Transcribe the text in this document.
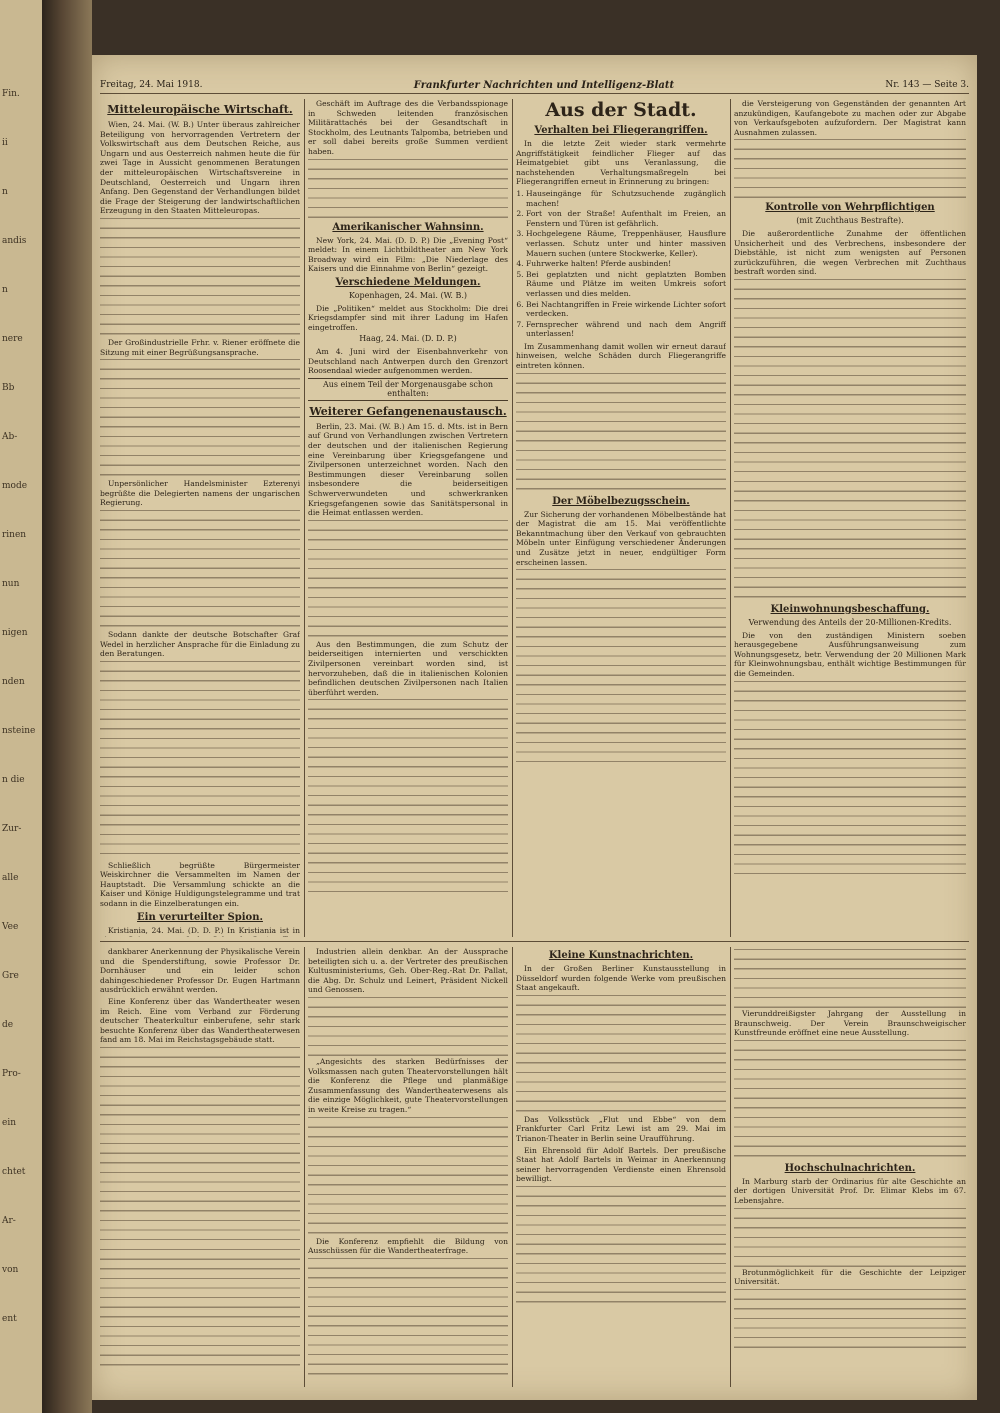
Fin.
ii
n
andis
n
nere
Bb
Ab-
mode
rinen
nun
nigen
nden
nsteine
n die
Zur-
alle
Vee
Gre
de
Pro-
ein
chtet
Ar-
von
ent
Freitag, 24. Mai 1918.	Frankfurter Nachrichten und Intelligenz-Blatt	Nr. 143 — Seite 3.
Mitteleuropäische Wirtschaft.

Wien, 24. Mai. (W. B.) Unter überaus zahlreicher Beteiligung von hervorragenden Vertretern der Volkswirtschaft aus dem Deutschen Reiche, aus Ungarn und aus Oesterreich nahmen heute die für zwei Tage in Aussicht genommenen Beratungen der mitteleuropäischen Wirtschaftsvereine in Deutschland, Oesterreich und Ungarn ihren Anfang. Den Gegenstand der Verhandlungen bildet die Frage der Steigerung der landwirtschaftlichen Erzeugung in den Staaten Mitteleuropas.

Der Großindustrielle Frhr. v. Riener eröffnete die Sitzung mit einer Begrüßungsansprache.

Unpersönlicher Handelsminister Ezterenyi begrüßte die Delegierten namens der ungarischen Regierung.

Sodann dankte der deutsche Botschafter Graf Wedel in herzlicher Ansprache für die Einladung zu den Beratungen.

Schließlich begrüßte Bürgermeister Weiskirchner die Versammelten im Namen der Hauptstadt. Die Versammlung schickte an die Kaiser und Könige Huldigungstelegramme und trat sodann in die Einzelberatungen ein.

Ein verurteilter Spion.

Kristiania, 24. Mai. (D. D. P.) In Kristiania ist in

Geschäft im Auftrage des die Verbandsspionage in Schweden leitenden französischen Militärattachés bei der Gesandtschaft in Stockholm, des Leutnants Talpomba, betrieben und er soll dabei bereits große Summen verdient haben.

Amerikanischer Wahnsinn.

New York, 24. Mai. (D. D. P.) Die „Evening Post“ meldet: In einem Lichtbildtheater am New York Broadway wird ein Film: „Die Niederlage des Kaisers und die Einnahme von Berlin“ gezeigt.

Verschiedene Meldungen.

Kopenhagen, 24. Mai. (W. B.)

Die „Politiken“ meldet aus Stockholm: Die drei Kriegsdampfer sind mit ihrer Ladung im Hafen eingetroffen.

Haag, 24. Mai. (D. D. P.)

Am 4. Juni wird der Eisenbahnverkehr von Deutschland nach Antwerpen durch den Grenzort Roosendaal wieder aufgenommen werden.

Aus einem Teil der Morgenausgabe schon enthalten:

Weiterer Gefangenenaustausch.

Berlin, 23. Mai. (W. B.) Am 15. d. Mts. ist in Bern auf Grund von Verhandlungen zwischen Vertretern der deutschen und der italienischen Regierung eine Vereinbarung über Kriegsgefangene und Zivilpersonen unterzeichnet worden. Nach den Bestimmungen dieser Vereinbarung sollen insbesondere die beiderseitigen Schwerverwundeten und schwerkranken Kriegsgefangenen sowie das Sanitätspersonal in die Heimat entlassen werden.

Aus den Bestimmungen, die zum Schutz der beiderseitigen internierten und verschickten Zivilpersonen vereinbart worden sind, ist hervorzuheben, daß die in italienischen Kolonien befindlichen deutschen Zivilpersonen nach Italien überführt werden.

Aus der Stadt.
Verhalten bei Fliegerangriffen.

In die letzte Zeit wieder stark vermehrte Angriffstätigkeit feindlicher Flieger auf das Heimatgebiet gibt uns Veranlassung, die nachstehenden Verhaltungsmaßregeln bei Fliegerangriffen erneut in Erinnerung zu bringen:

1. Hauseingänge für Schutzsuchende zugänglich machen!
2. Fort von der Straße! Aufenthalt im Freien, an Fenstern und Türen ist gefährlich.
3. Hochgelegene Räume, Treppenhäuser, Hausflure verlassen. Schutz unter und hinter massiven Mauern suchen (untere Stockwerke, Keller).
4. Fuhrwerke halten! Pferde ausbinden!
5. Bei geplatzten und nicht geplatzten Bomben Räume und Plätze im weiten Umkreis sofort verlassen und dies melden.
6. Bei Nachtangriffen in Freie wirkende Lichter sofort verdecken.
7. Fernsprecher während und nach dem Angriff unterlassen!

Im Zusammenhang damit wollen wir erneut darauf hinweisen, welche Schäden durch Fliegerangriffe eintreten können.

Der Möbelbezugsschein.

Zur Sicherung der vorhandenen Möbelbestände hat der Magistrat die am 15. Mai veröffentlichte Bekanntmachung über den Verkauf von gebrauchten Möbeln unter Einfügung verschiedener Änderungen und Zusätze jetzt in neuer, endgültiger Form erscheinen lassen.

die Versteigerung von Gegenständen der genannten Art anzukündigen, Kaufangebote zu machen oder zur Abgabe von Verkaufsgeboten aufzufordern. Der Magistrat kann Ausnahmen zulassen.

Kontrolle von Wehrpflichtigen

(mit Zuchthaus Bestrafte).

Die außerordentliche Zunahme der öffentlichen Unsicherheit und des Verbrechens, insbesondere der Diebstähle, ist nicht zum wenigsten auf Personen zurückzuführen, die wegen Verbrechen mit Zuchthaus bestraft worden sind.

Kleinwohnungsbeschaffung.

Verwendung des Anteils der 20-Millionen-Kredits.

Die von den zuständigen Ministern soeben herausgegebene Ausführungsanweisung zum Wohnungsgesetz, betr. Verwendung der 20 Millionen Mark für Kleinwohnungsbau, enthält wichtige Bestimmungen für die Gemeinden.

dankbarer Anerkennung der Physikalische Verein und die Spenderstiftung, sowie Professor Dr. Dornhäuser und ein leider schon dahingeschiedener Professor Dr. Eugen Hartmann ausdrücklich erwähnt werden.

Eine Konferenz über das Wandertheater wesen im Reich. Eine vom Verband zur Förderung deutscher Theaterkultur einberufene, sehr stark besuchte Konferenz über das Wandertheaterwesen fand am 18. Mai im Reichstagsgebäude statt.

Industrien allein denkbar. An der Aussprache beteiligten sich u. a. der Vertreter des preußischen Kultusministeriums, Geh. Ober-Reg.-Rat Dr. Pallat, die Abg. Dr. Schulz und Leinert, Präsident Nickell und Genossen.

„Angesichts des starken Bedürfnisses der Volksmassen nach guten Theatervorstellungen hält die Konferenz die Pflege und planmäßige Zusammenfassung des Wandertheaterwesens als die einzige Möglichkeit, gute Theatervorstellungen in weite Kreise zu tragen.“

Die Konferenz empfiehlt die Bildung von Ausschüssen für die Wandertheaterfrage.

Kleine Kunstnachrichten.

In der Großen Berliner Kunstausstellung in Düsseldorf wurden folgende Werke vom preußischen Staat angekauft.

Das Volksstück „Flut und Ebbe“ von dem Frankfurter Carl Fritz Lewi ist am 29. Mai im Trianon-Theater in Berlin seine Uraufführung.

Ein Ehrensold für Adolf Bartels. Der preußische Staat hat Adolf Bartels in Weimar in Anerkennung seiner hervorragenden Verdienste einen Ehrensold bewilligt.

Vierunddreißigster Jahrgang der Ausstellung in Braunschweig. Der Verein Braunschweigischer Kunstfreunde eröffnet eine neue Ausstellung.

Hochschulnachrichten.

In Marburg starb der Ordinarius für alte Geschichte an der dortigen Universität Prof. Dr. Elimar Klebs im 67. Lebensjahre.

Brotunmöglichkeit für die Geschichte der Leipziger Universität.
